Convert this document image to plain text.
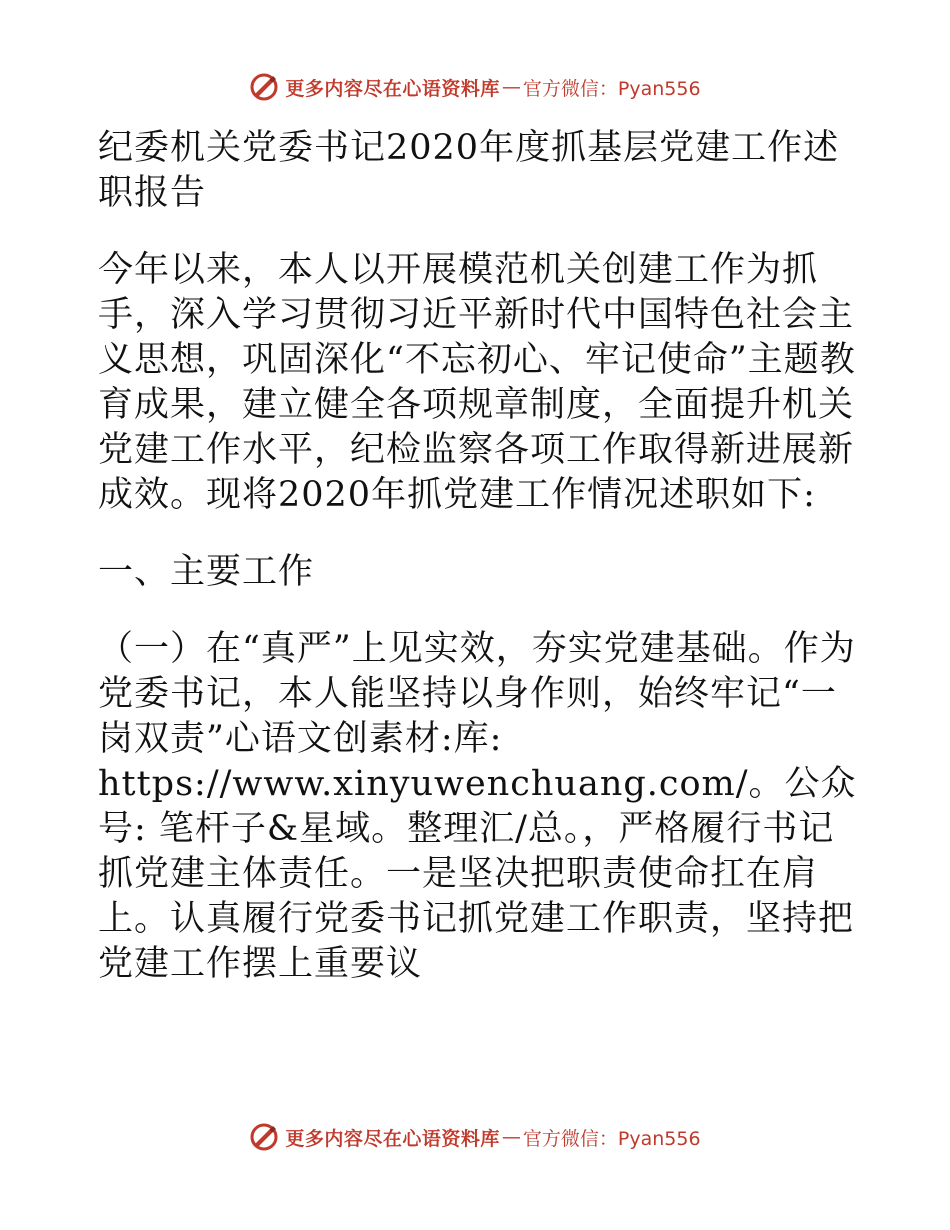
更多内容尽在心语资料库 — 官方微信：Pyan556

纪委机关党委书记2020年度抓基层党建工作述职报告

今年以来，本人以开展模范机关创建工作为抓手，深入学习贯彻习近平新时代中国特色社会主义思想，巩固深化“不忘初心、牢记使命”主题教育成果，建立健全各项规章制度，全面提升机关党建工作水平，纪检监察各项工作取得新进展新成效。现将2020年抓党建工作情况述职如下:

一、主要工作

（一）在“真严”上见实效，夯实党建基础。作为党委书记，本人能坚持以身作则，始终牢记“一岗双责”心语文创素材:库: https://www.xinyuwenchuang.com/。公众号: 笔杆子&星域。整理汇/总。，严格履行书记抓党建主体责任。一是坚决把职责使命扛在肩上。认真履行党委书记抓党建工作职责，坚持把党建工作摆上重要议

更多内容尽在心语资料库 — 官方微信：Pyan556
